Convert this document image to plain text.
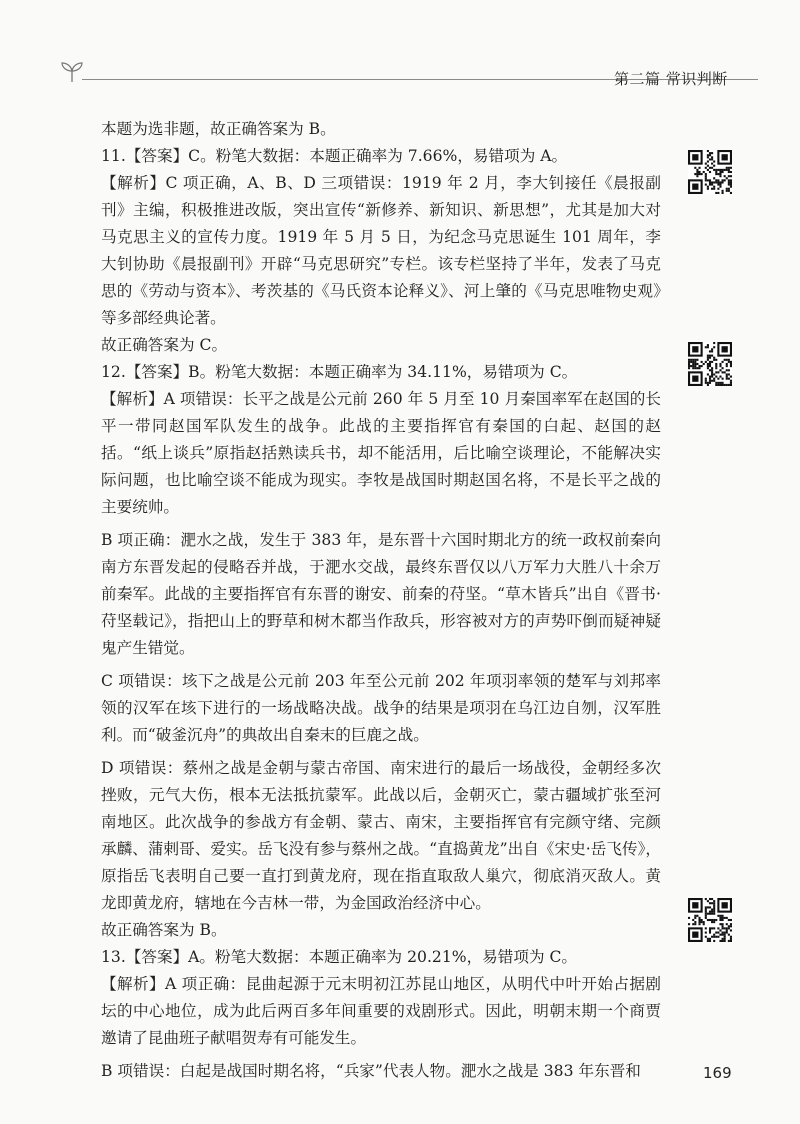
第二篇 常识判断

本题为选非题，故正确答案为 B。

11.【答案】C。粉笔大数据：本题正确率为 7.66%，易错项为 A。

【解析】C 项正确，A、B、D 三项错误：1919 年 2 月，李大钊接任《晨报副刊》主编，积极推进改版，突出宣传“新修养、新知识、新思想”，尤其是加大对马克思主义的宣传力度。1919 年 5 月 5 日，为纪念马克思诞生 101 周年，李大钊协助《晨报副刊》开辟“马克思研究”专栏。该专栏坚持了半年，发表了马克思的《劳动与资本》、考茨基的《马氏资本论释义》、河上肇的《马克思唯物史观》等多部经典论著。

故正确答案为 C。

12.【答案】B。粉笔大数据：本题正确率为 34.11%，易错项为 C。

【解析】A 项错误：长平之战是公元前 260 年 5 月至 10 月秦国率军在赵国的长平一带同赵国军队发生的战争。此战的主要指挥官有秦国的白起、赵国的赵括。“纸上谈兵”原指赵括熟读兵书，却不能活用，后比喻空谈理论，不能解决实际问题，也比喻空谈不能成为现实。李牧是战国时期赵国名将，不是长平之战的主要统帅。

B 项正确：淝水之战，发生于 383 年，是东晋十六国时期北方的统一政权前秦向南方东晋发起的侵略吞并战，于淝水交战，最终东晋仅以八万军力大胜八十余万前秦军。此战的主要指挥官有东晋的谢安、前秦的苻坚。“草木皆兵”出自《晋书·苻坚载记》，指把山上的野草和树木都当作敌兵，形容被对方的声势吓倒而疑神疑鬼产生错觉。

C 项错误：垓下之战是公元前 203 年至公元前 202 年项羽率领的楚军与刘邦率领的汉军在垓下进行的一场战略决战。战争的结果是项羽在乌江边自刎，汉军胜利。而“破釜沉舟”的典故出自秦末的巨鹿之战。

D 项错误：蔡州之战是金朝与蒙古帝国、南宋进行的最后一场战役，金朝经多次挫败，元气大伤，根本无法抵抗蒙军。此战以后，金朝灭亡，蒙古疆域扩张至河南地区。此次战争的参战方有金朝、蒙古、南宋，主要指挥官有完颜守绪、完颜承麟、蒲剌哥、爱实。岳飞没有参与蔡州之战。“直捣黄龙”出自《宋史·岳飞传》，原指岳飞表明自己要一直打到黄龙府，现在指直取敌人巢穴，彻底消灭敌人。黄龙即黄龙府，辖地在今吉林一带，为金国政治经济中心。

故正确答案为 B。

13.【答案】A。粉笔大数据：本题正确率为 20.21%，易错项为 C。

【解析】A 项正确：昆曲起源于元末明初江苏昆山地区，从明代中叶开始占据剧坛的中心地位，成为此后两百多年间重要的戏剧形式。因此，明朝末期一个商贾邀请了昆曲班子献唱贺寿有可能发生。

B 项错误：白起是战国时期名将，“兵家”代表人物。淝水之战是 383 年东晋和	169
